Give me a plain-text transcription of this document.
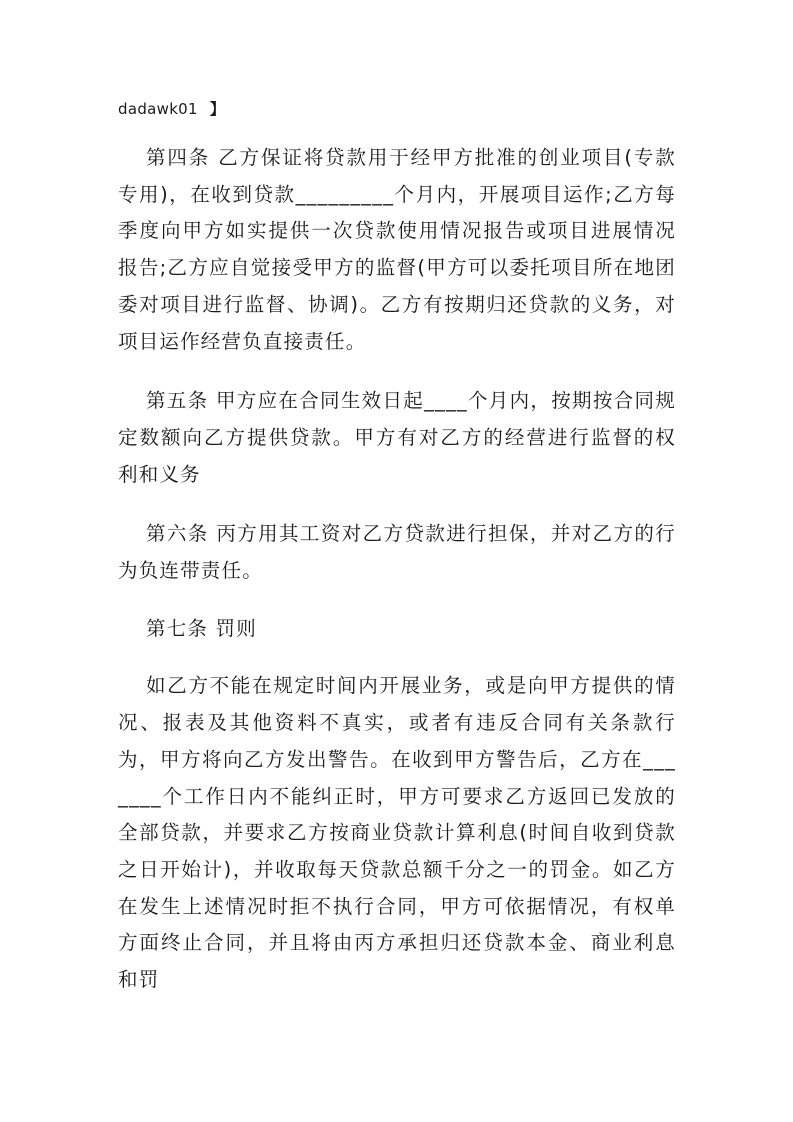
dadawk01 】

第四条 乙方保证将贷款用于经甲方批准的创业项目(专款专用)，在收到贷款_________个月内，开展项目运作;乙方每季度向甲方如实提供一次贷款使用情况报告或项目进展情况报告;乙方应自觉接受甲方的监督(甲方可以委托项目所在地团委对项目进行监督、协调)。乙方有按期归还贷款的义务，对项目运作经营负直接责任。

第五条 甲方应在合同生效日起____个月内，按期按合同规定数额向乙方提供贷款。甲方有对乙方的经营进行监督的权利和义务

第六条 丙方用其工资对乙方贷款进行担保，并对乙方的行为负连带责任。

第七条 罚则

如乙方不能在规定时间内开展业务，或是向甲方提供的情况、报表及其他资料不真实，或者有违反合同有关条款行为，甲方将向乙方发出警告。在收到甲方警告后，乙方在_______个工作日内不能纠正时，甲方可要求乙方返回已发放的全部贷款，并要求乙方按商业贷款计算利息(时间自收到贷款之日开始计)，并收取每天贷款总额千分之一的罚金。如乙方在发生上述情况时拒不执行合同，甲方可依据情况，有权单方面终止合同，并且将由丙方承担归还贷款本金、商业利息和罚
